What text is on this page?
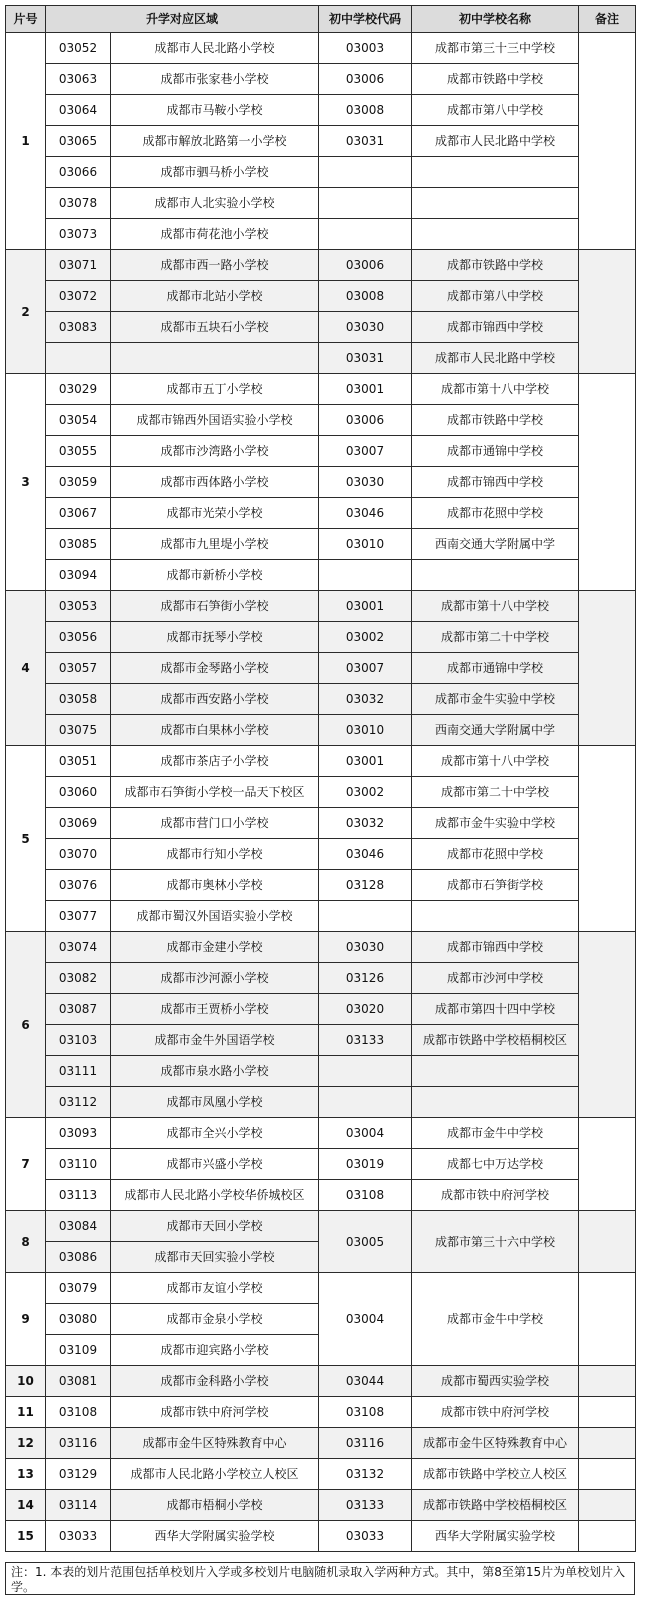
片号	升学对应区域		初中学校代码	初中学校名称	备注
1	03052	成都市人民北路小学校	03003	成都市第三十三中学校	
	03063	成都市张家巷小学校	03006	成都市铁路中学校	
	03064	成都市马鞍小学校	03008	成都市第八中学校	
	03065	成都市解放北路第一小学校	03031	成都市人民北路中学校	
	03066	成都市驷马桥小学校			
	03078	成都市人北实验小学校			
	03073	成都市荷花池小学校			
2	03071	成都市西一路小学校	03006	成都市铁路中学校	
	03072	成都市北站小学校	03008	成都市第八中学校	
	03083	成都市五块石小学校	03030	成都市锦西中学校	
			03031	成都市人民北路中学校	
3	03029	成都市五丁小学校	03001	成都市第十八中学校	
	03054	成都市锦西外国语实验小学校	03006	成都市铁路中学校	
	03055	成都市沙湾路小学校	03007	成都市通锦中学校	
	03059	成都市西体路小学校	03030	成都市锦西中学校	
	03067	成都市光荣小学校	03046	成都市花照中学校	
	03085	成都市九里堤小学校	03010	西南交通大学附属中学	
	03094	成都市新桥小学校			
4	03053	成都市石笋街小学校	03001	成都市第十八中学校	
	03056	成都市抚琴小学校	03002	成都市第二十中学校	
	03057	成都市金琴路小学校	03007	成都市通锦中学校	
	03058	成都市西安路小学校	03032	成都市金牛实验中学校	
	03075	成都市白果林小学校	03010	西南交通大学附属中学	
5	03051	成都市茶店子小学校	03001	成都市第十八中学校	
	03060	成都市石笋街小学校一品天下校区	03002	成都市第二十中学校	
	03069	成都市营门口小学校	03032	成都市金牛实验中学校	
	03070	成都市行知小学校	03046	成都市花照中学校	
	03076	成都市奥林小学校	03128	成都市石笋街学校	
	03077	成都市蜀汉外国语实验小学校			
6	03074	成都市金建小学校	03030	成都市锦西中学校	
	03082	成都市沙河源小学校	03126	成都市沙河中学校	
	03087	成都市王贾桥小学校	03020	成都市第四十四中学校	
	03103	成都市金牛外国语学校	03133	成都市铁路中学校梧桐校区	
	03111	成都市泉水路小学校			
	03112	成都市凤凰小学校			
7	03093	成都市全兴小学校	03004	成都市金牛中学校	
	03110	成都市兴盛小学校	03019	成都七中万达学校	
	03113	成都市人民北路小学校华侨城校区	03108	成都市铁中府河学校	
8	03084	成都市天回小学校	03005	成都市第三十六中学校	
	03086	成都市天回实验小学校			
9	03079	成都市友谊小学校	03004	成都市金牛中学校	
	03080	成都市金泉小学校			
	03109	成都市迎宾路小学校			
10	03081	成都市金科路小学校	03044	成都市蜀西实验学校	
11	03108	成都市铁中府河学校	03108	成都市铁中府河学校	
12	03116	成都市金牛区特殊教育中心	03116	成都市金牛区特殊教育中心	
13	03129	成都市人民北路小学校立人校区	03132	成都市铁路中学校立人校区	
14	03114	成都市梧桐小学校	03133	成都市铁路中学校梧桐校区	
15	03033	西华大学附属实验学校	03033	西华大学附属实验学校	
注：1. 本表的划片范围包括单校划片入学或多校划片电脑随机录取入学两种方式。其中，第8至第15片为单校划片入学。
